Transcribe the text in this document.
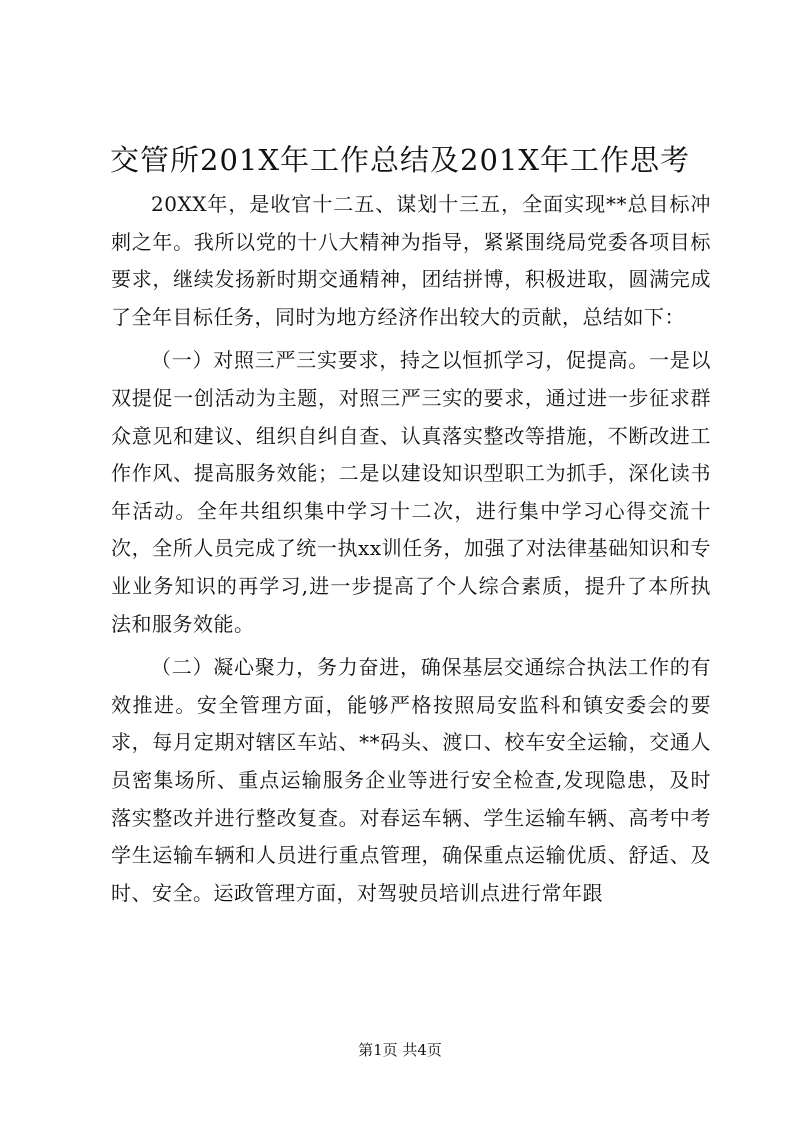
交管所201X年工作总结及201X年工作思考

20XX年，是收官十二五、谋划十三五，全面实现**总目标冲刺之年。我所以党的十八大精神为指导，紧紧围绕局党委各项目标要求，继续发扬新时期交通精神，团结拼博，积极进取，圆满完成了全年目标任务，同时为地方经济作出较大的贡献，总结如下：

（一）对照三严三实要求，持之以恒抓学习，促提高。一是以双提促一创活动为主题，对照三严三实的要求，通过进一步征求群众意见和建议、组织自纠自查、认真落实整改等措施，不断改进工作作风、提高服务效能；二是以建设知识型职工为抓手，深化读书年活动。全年共组织集中学习十二次，进行集中学习心得交流十次，全所人员完成了统一执xx训任务，加强了对法律基础知识和专业业务知识的再学习,进一步提高了个人综合素质，提升了本所执法和服务效能。

（二）凝心聚力，务力奋进，确保基层交通综合执法工作的有效推进。安全管理方面，能够严格按照局安监科和镇安委会的要求，每月定期对辖区车站、**码头、渡口、校车安全运输，交通人员密集场所、重点运输服务企业等进行安全检查,发现隐患，及时落实整改并进行整改复查。对春运车辆、学生运输车辆、高考中考学生运输车辆和人员进行重点管理，确保重点运输优质、舒适、及时、安全。运政管理方面，对驾驶员培训点进行常年跟

第1页 共4页
